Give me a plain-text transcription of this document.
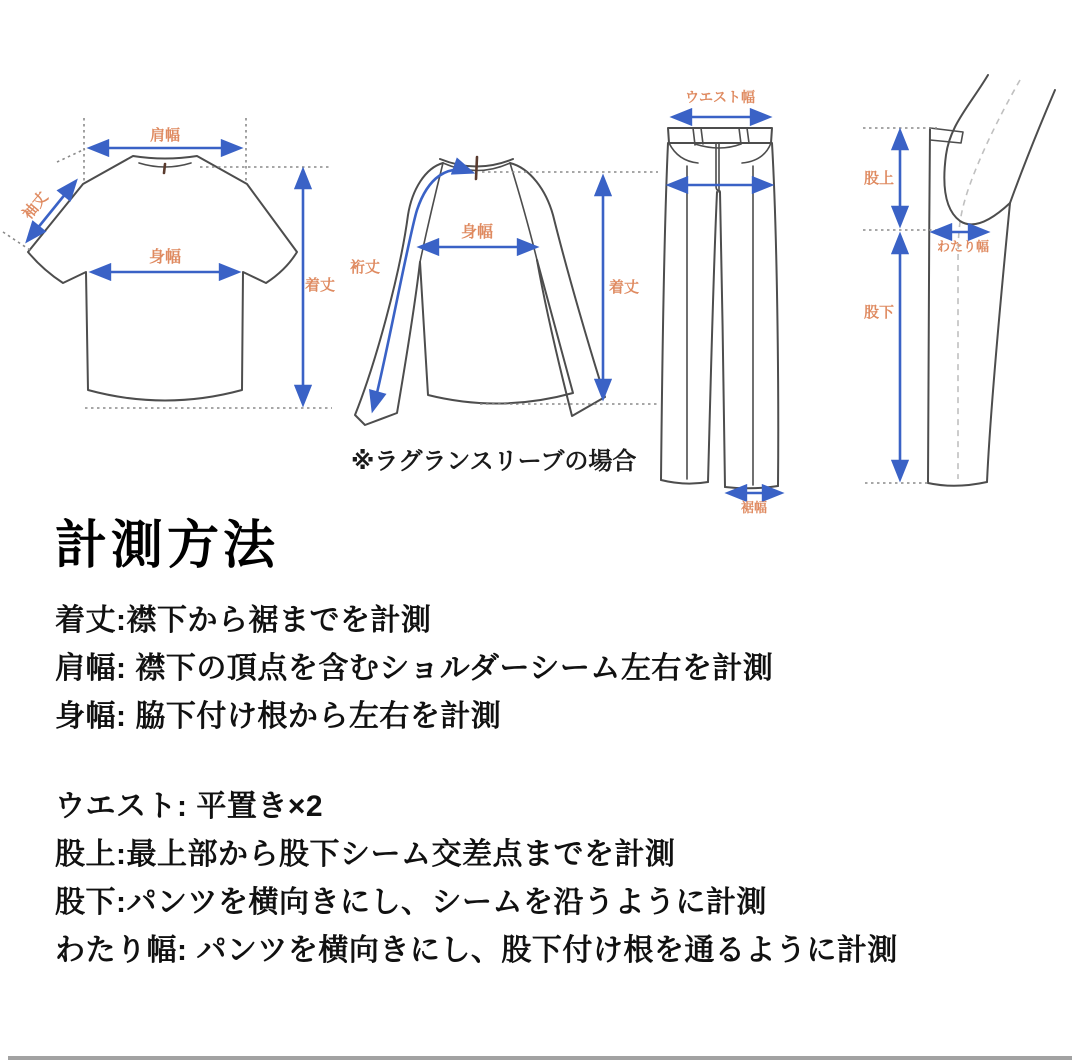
肩幅
袖丈
身幅
着丈
裄丈
身幅
着丈
※ラグランスリーブの場合
ウエスト幅
裾幅
股上
わたり幅
股下
計測方法
着丈:襟下から裾までを計測
肩幅: 襟下の頂点を含むショルダーシーム左右を計測
身幅: 脇下付け根から左右を計測
ウエスト: 平置き×2
股上:最上部から股下シーム交差点までを計測
股下:パンツを横向きにし、シームを沿うように計測
わたり幅: パンツを横向きにし、股下付け根を通るように計測
